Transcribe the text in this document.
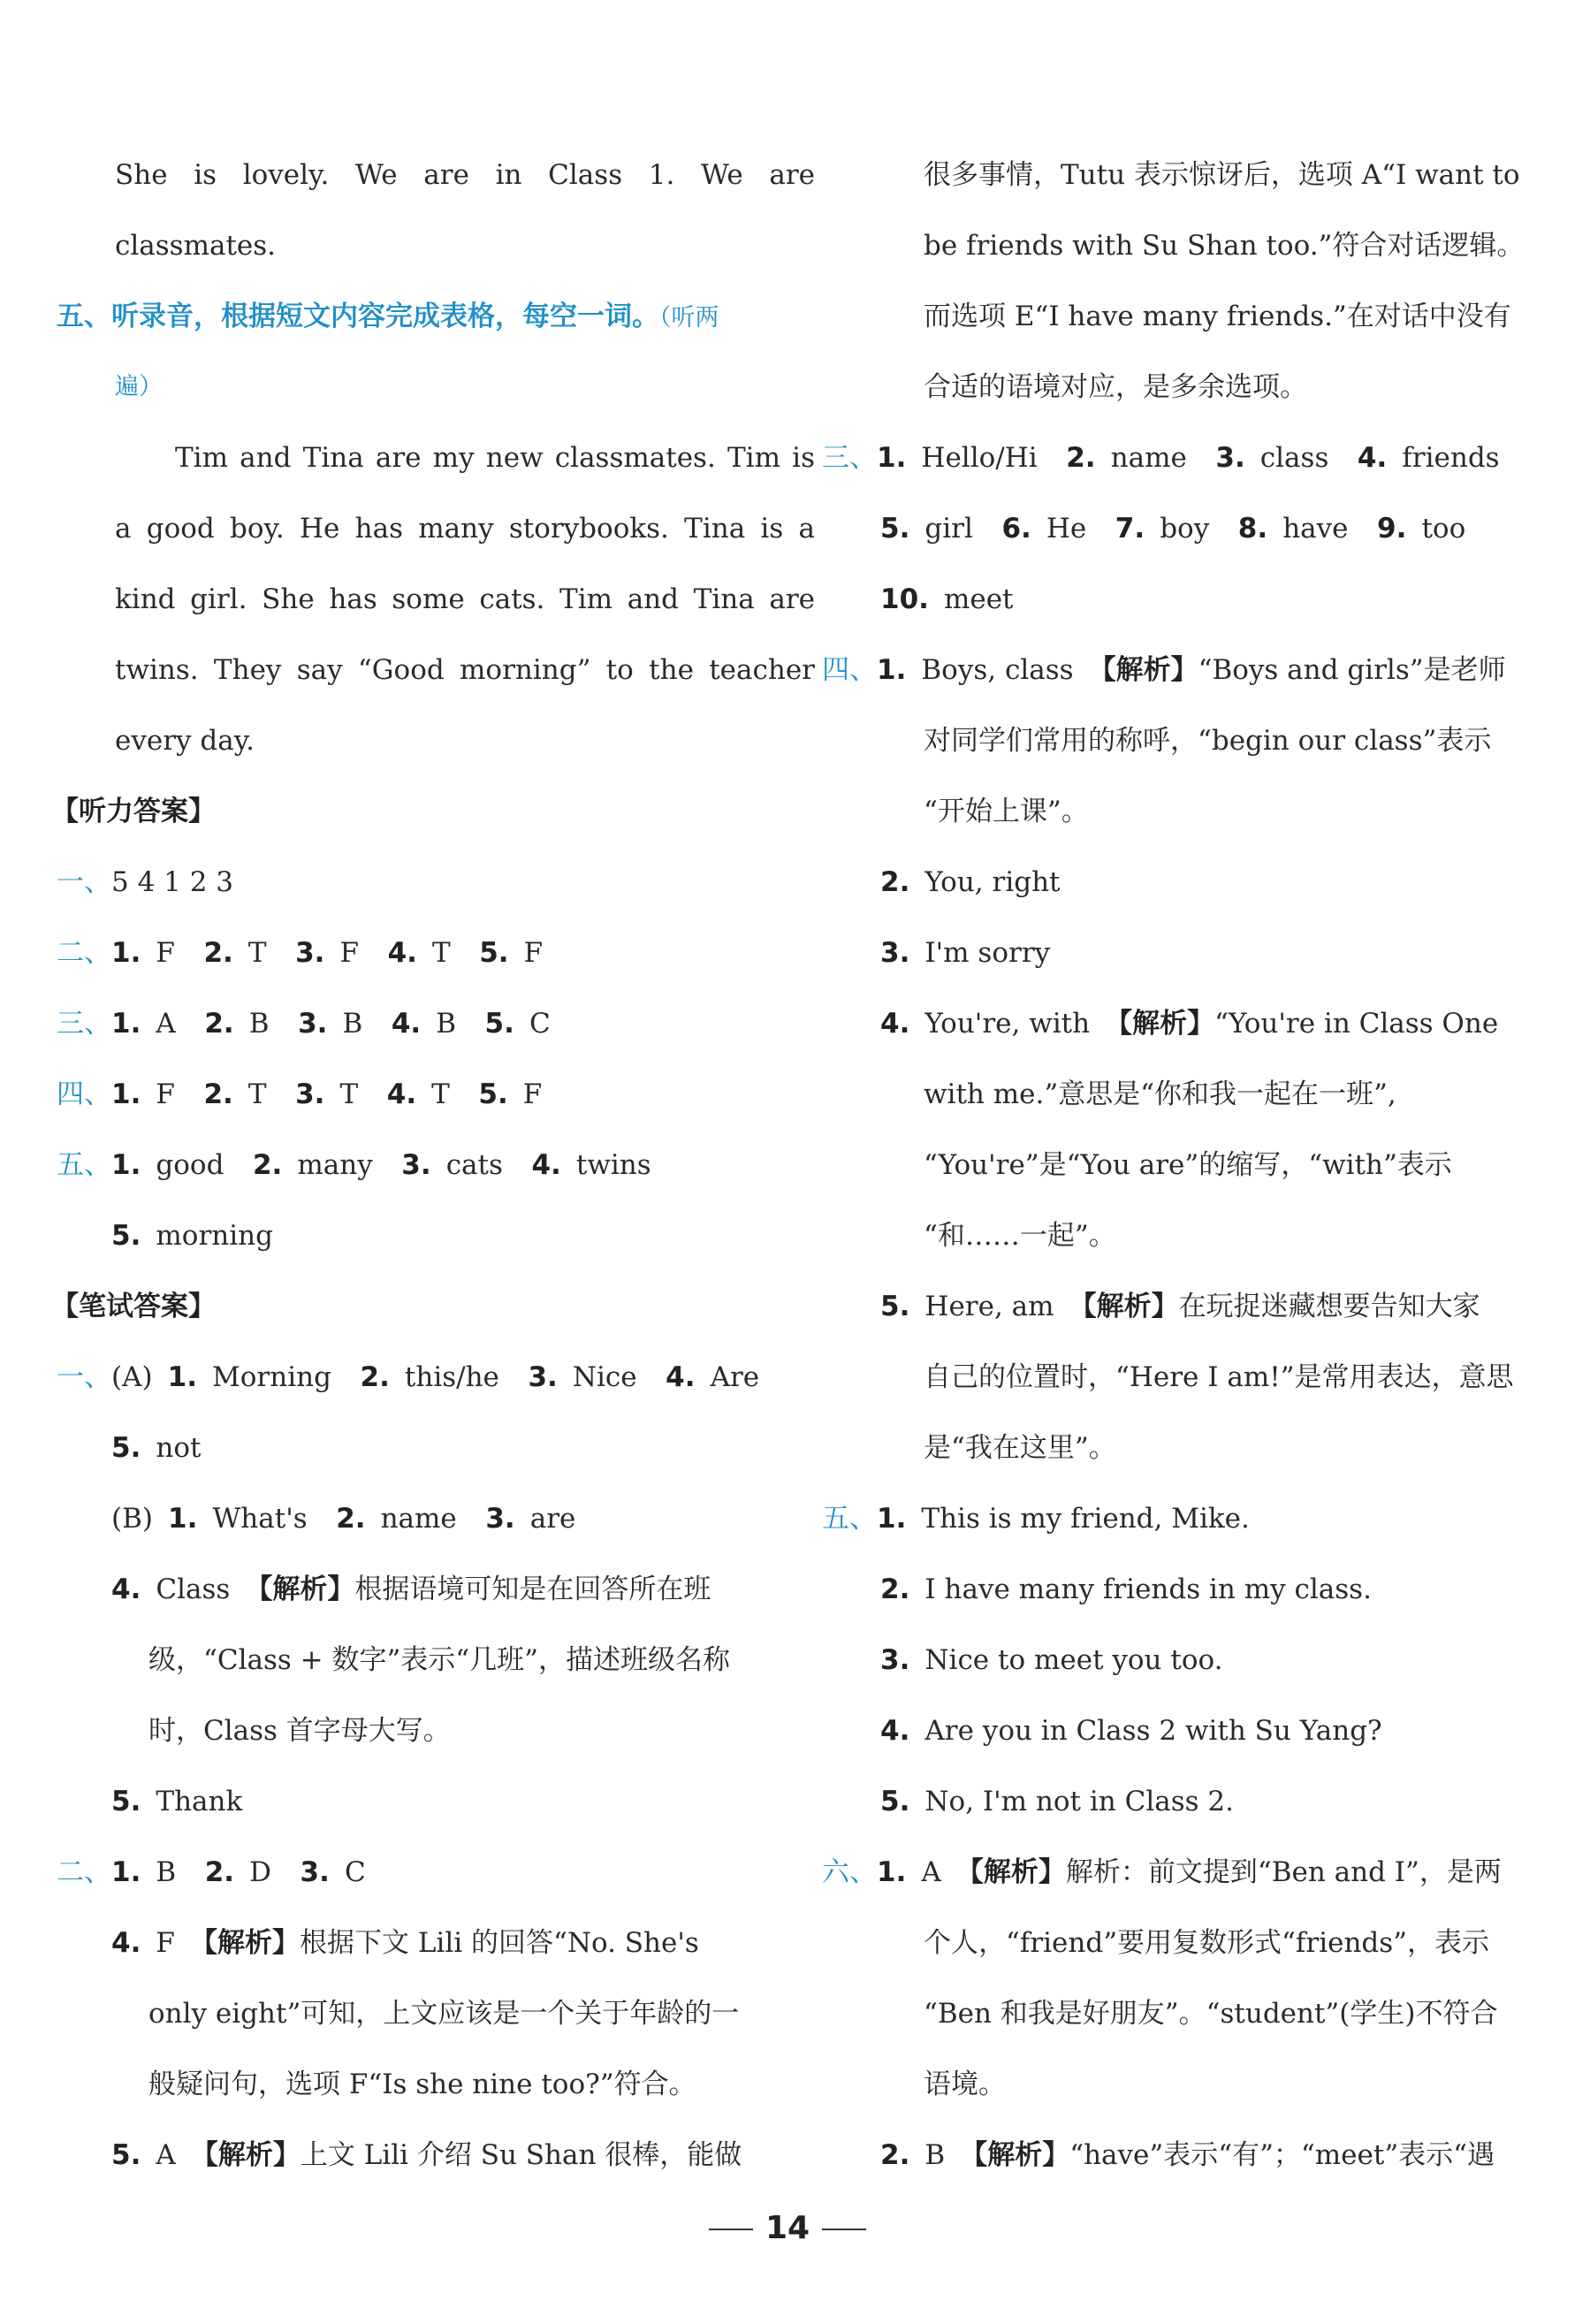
She is lovely. We are in Class 1. We are
classmates.
五、听录音，根据短文内容完成表格，每空一词。（听两
遍）
Tim and Tina are my new classmates. Tim is
a good boy. He has many storybooks. Tina is a
kind girl. She has some cats. Tim and Tina are
twins. They say “Good morning” to the teacher
every day.
【听力答案】
一、5 4 1 2 3
二、1. F 2. T 3. F 4. T 5. F
三、1. A 2. B 3. B 4. B 5. C
四、1. F 2. T 3. T 4. T 5. F
五、1. good 2. many 3. cats 4. twins
5. morning
【笔试答案】
一、(A) 1. Morning 2. this/he 3. Nice 4. Are
5. not
(B) 1. What's 2. name 3. are
4. Class 【解析】根据语境可知是在回答所在班
级，“Class + 数字”表示“几班”，描述班级名称
时，Class 首字母大写。
5. Thank
二、1. B 2. D 3. C
4. F 【解析】根据下文 Lili 的回答“No. She's
only eight”可知，上文应该是一个关于年龄的一
般疑问句，选项 F“Is she nine too?”符合。
5. A 【解析】上文 Lili 介绍 Su Shan 很棒，能做
很多事情，Tutu 表示惊讶后，选项 A“I want to
be friends with Su Shan too.”符合对话逻辑。
而选项 E“I have many friends.”在对话中没有
合适的语境对应，是多余选项。
三、1. Hello/Hi 2. name 3. class 4. friends
5. girl 6. He 7. boy 8. have 9. too
10. meet
四、1. Boys, class 【解析】“Boys and girls”是老师
对同学们常用的称呼，“begin our class”表示
“开始上课”。
2. You, right
3. I'm sorry
4. You're, with 【解析】“You're in Class One
with me.”意思是“你和我一起在一班”,
“You're”是“You are”的缩写，“with”表示
“和……一起”。
5. Here, am 【解析】在玩捉迷藏想要告知大家
自己的位置时，“Here I am!”是常用表达，意思
是“我在这里”。
五、1. This is my friend, Mike.
2. I have many friends in my class.
3. Nice to meet you too.
4. Are you in Class 2 with Su Yang?
5. No, I'm not in Class 2.
六、1. A 【解析】解析：前文提到“Ben and I”，是两
个人，“friend”要用复数形式“friends”，表示
“Ben 和我是好朋友”。“student”(学生)不符合
语境。
2. B 【解析】“have”表示“有”；“meet”表示“遇
14
